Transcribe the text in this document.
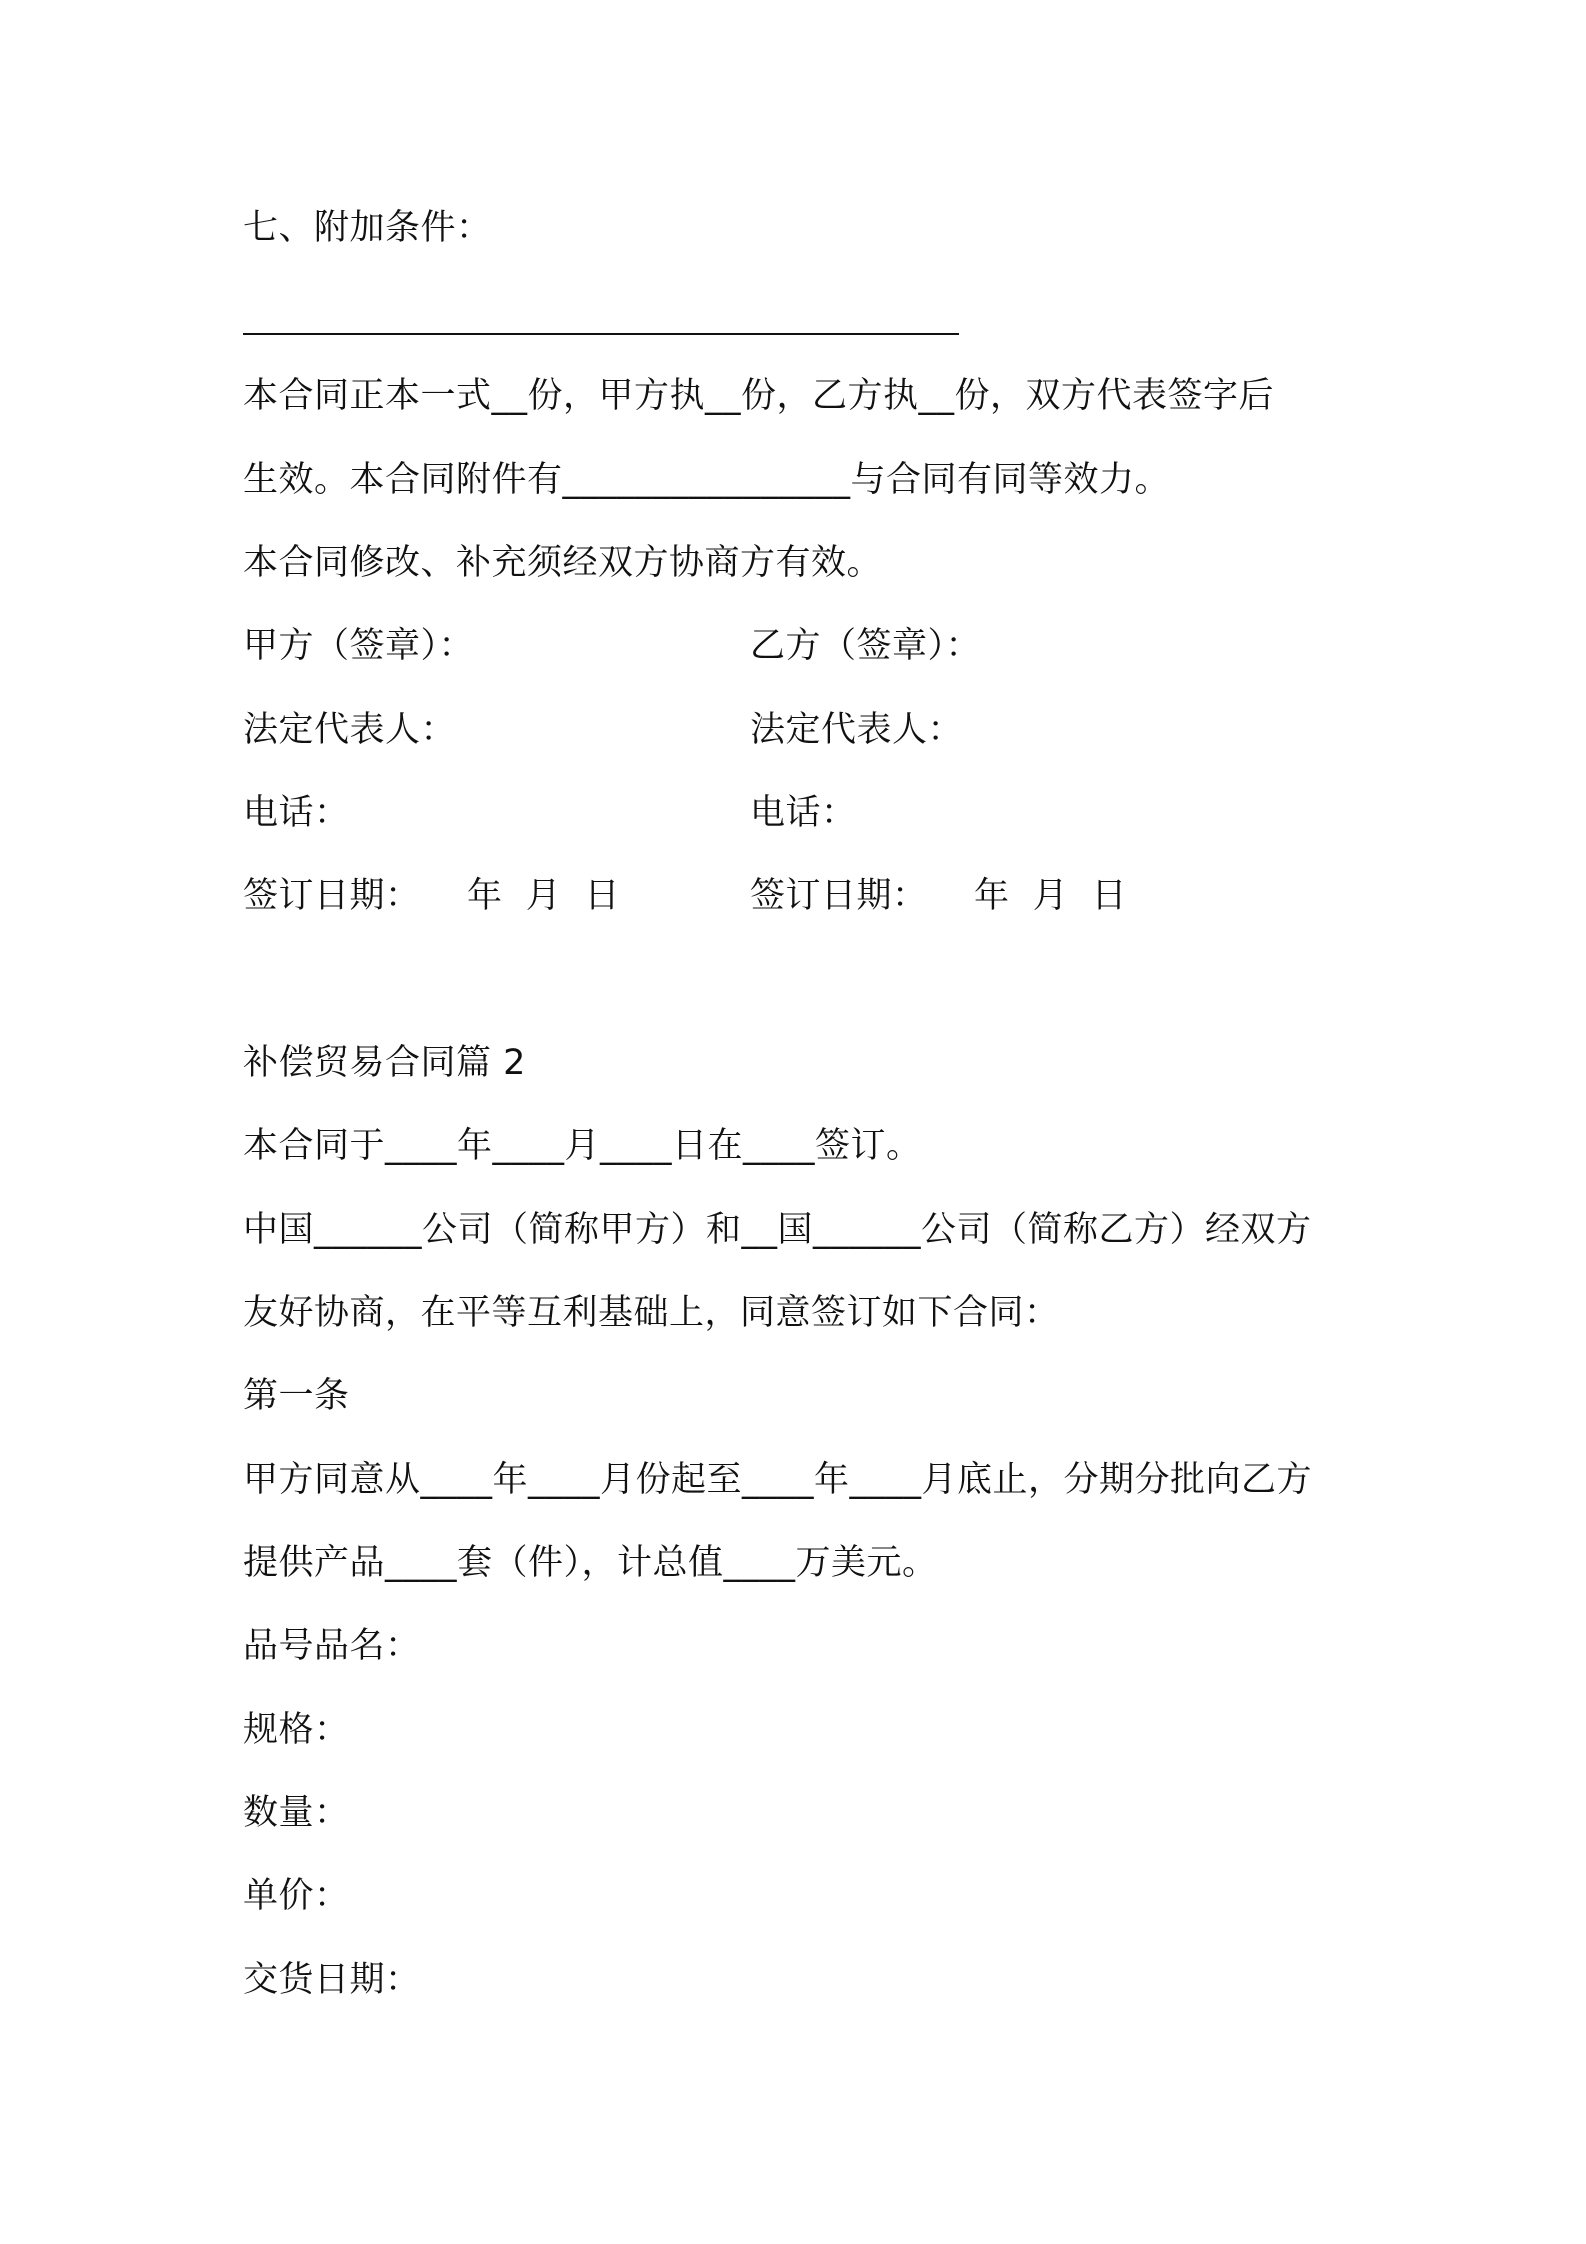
七、附加条件：
本合同正本一式__份，甲方执__份，乙方执__份，双方代表签字后
生效。本合同附件有________________与合同有同等效力。
本合同修改、补充须经双方协商方有效。
甲方（签章）：	乙方（签章）：
法定代表人：	法定代表人：
电话：	电话：
签订日期：    年  月  日	签订日期：    年  月  日
补偿贸易合同篇 2
本合同于____年____月____日在____签订。
中国______公司（简称甲方）和__国______公司（简称乙方）经双方
友好协商，在平等互利基础上，同意签订如下合同：
第一条
甲方同意从____年____月份起至____年____月底止，分期分批向乙方
提供产品____套（件），计总值____万美元。
品号品名：
规格：
数量：
单价：
交货日期：
